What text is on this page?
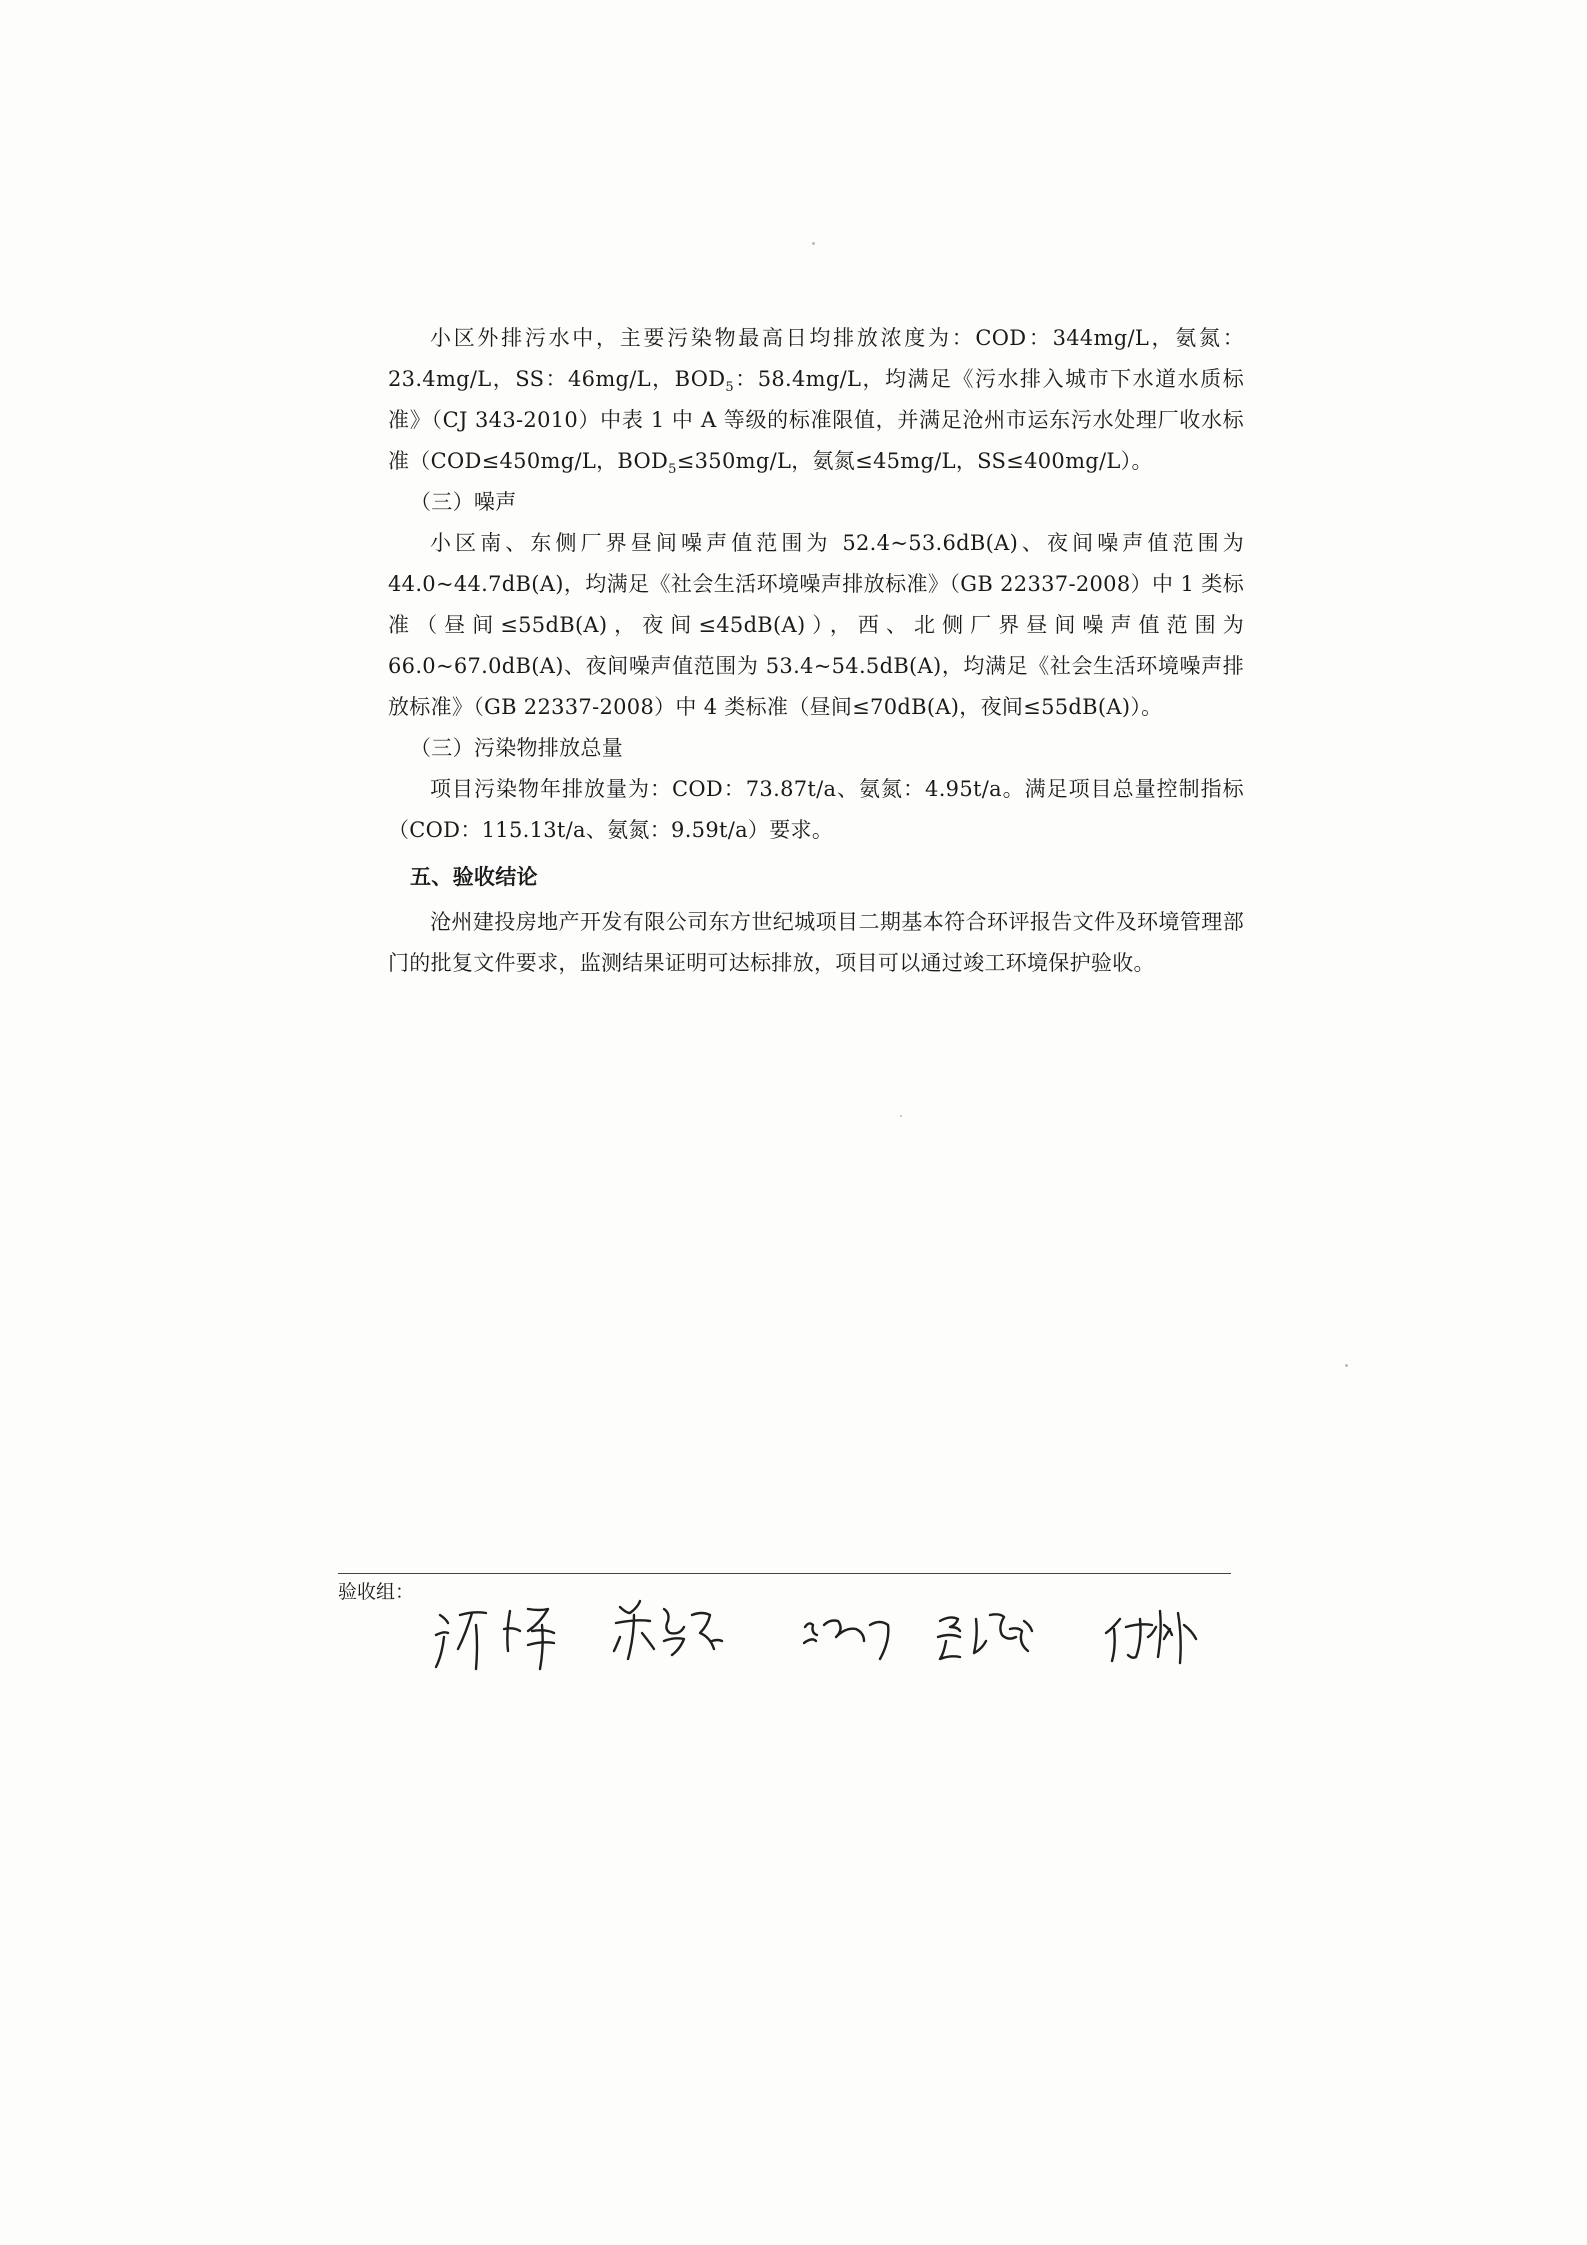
小区外排污水中，主要污染物最高日均排放浓度为：COD：344mg/L，氨氮：23.4mg/L，SS：46mg/L，$BOD_5$：58.4mg/L，均满足《污水排入城市下水道水质标准》（CJ 343-2010）中表 1 中 A 等级的标准限值，并满足沧州市运东污水处理厂收水标准（COD≤450mg/L，$BOD_5\le 350mg/L$，氨氮≤45mg/L，SS≤400mg/L）。

（三）噪声

小区南、东侧厂界昼间噪声值范围为 52.4~53.6dB(A)、夜间噪声值范围为 44.0~44.7dB(A)，均满足《社会生活环境噪声排放标准》（GB 22337-2008）中 1 类标准（昼间≤55dB(A)，夜间≤45dB(A)），西、北侧厂界昼间噪声值范围为 66.0~67.0dB(A)、夜间噪声值范围为 53.4~54.5dB(A)，均满足《社会生活环境噪声排放标准》（GB 22337-2008）中 4 类标准（昼间≤70dB(A)，夜间≤55dB(A)）。

（三）污染物排放总量

项目污染物年排放量为：COD：73.87t/a、氨氮：4.95t/a。满足项目总量控制指标（COD：115.13t/a、氨氮：9.59t/a）要求。

五、验收结论

沧州建投房地产开发有限公司东方世纪城项目二期基本符合环评报告文件及环境管理部门的批复文件要求，监测结果证明可达标排放，项目可以通过竣工环境保护验收。

验收组：
